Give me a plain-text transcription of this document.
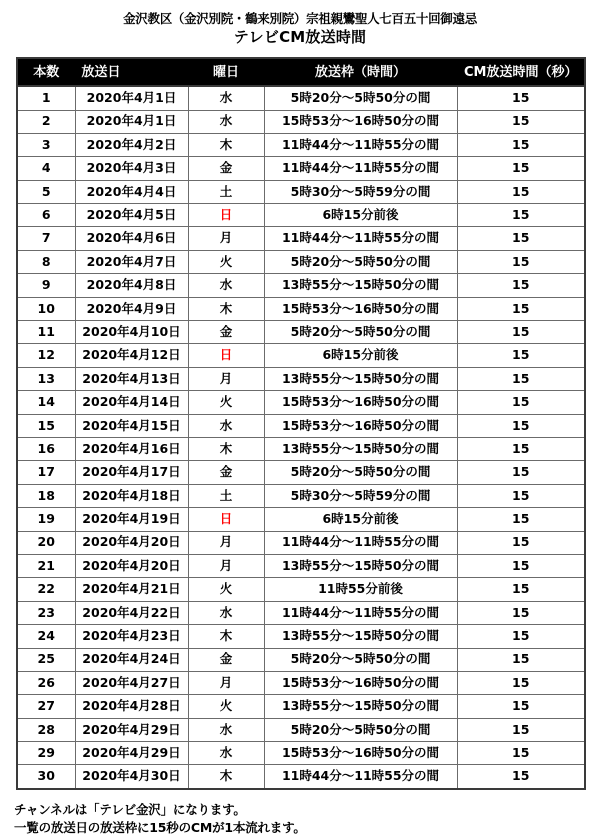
金沢教区（金沢別院・鶴来別院）宗祖親鸞聖人七百五十回御遠忌
テレビCM放送時間
本数	放送日	曜日	放送枠（時間）	CM放送時間（秒）
1	2020年4月1日	水	5時20分〜5時50分の間	15
2	2020年4月1日	水	15時53分〜16時50分の間	15
3	2020年4月2日	木	11時44分〜11時55分の間	15
4	2020年4月3日	金	11時44分〜11時55分の間	15
5	2020年4月4日	土	5時30分〜5時59分の間	15
6	2020年4月5日	日	6時15分前後	15
7	2020年4月6日	月	11時44分〜11時55分の間	15
8	2020年4月7日	火	5時20分〜5時50分の間	15
9	2020年4月8日	水	13時55分〜15時50分の間	15
10	2020年4月9日	木	15時53分〜16時50分の間	15
11	2020年4月10日	金	5時20分〜5時50分の間	15
12	2020年4月12日	日	6時15分前後	15
13	2020年4月13日	月	13時55分〜15時50分の間	15
14	2020年4月14日	火	15時53分〜16時50分の間	15
15	2020年4月15日	水	15時53分〜16時50分の間	15
16	2020年4月16日	木	13時55分〜15時50分の間	15
17	2020年4月17日	金	5時20分〜5時50分の間	15
18	2020年4月18日	土	5時30分〜5時59分の間	15
19	2020年4月19日	日	6時15分前後	15
20	2020年4月20日	月	11時44分〜11時55分の間	15
21	2020年4月20日	月	13時55分〜15時50分の間	15
22	2020年4月21日	火	11時55分前後	15
23	2020年4月22日	水	11時44分〜11時55分の間	15
24	2020年4月23日	木	13時55分〜15時50分の間	15
25	2020年4月24日	金	5時20分〜5時50分の間	15
26	2020年4月27日	月	15時53分〜16時50分の間	15
27	2020年4月28日	火	13時55分〜15時50分の間	15
28	2020年4月29日	水	5時20分〜5時50分の間	15
29	2020年4月29日	水	15時53分〜16時50分の間	15
30	2020年4月30日	木	11時44分〜11時55分の間	15
チャンネルは「テレビ金沢」になります。
一覧の放送日の放送枠に15秒のCMが1本流れます。
